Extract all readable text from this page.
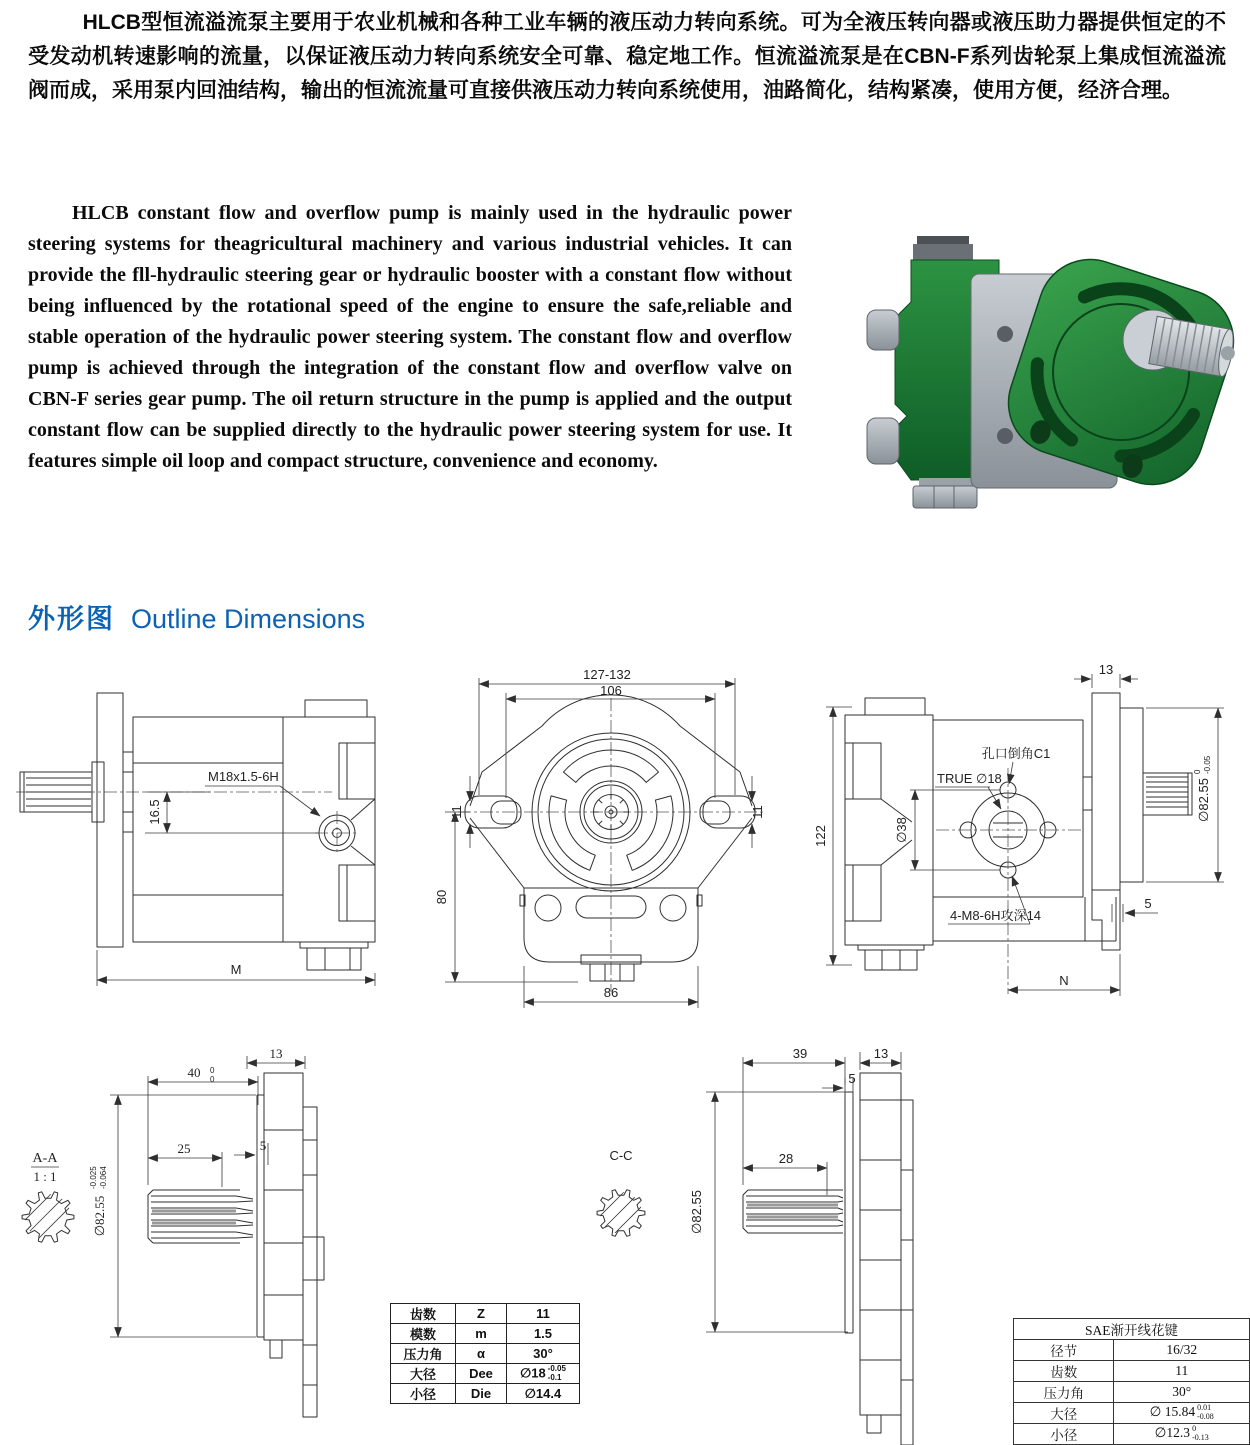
HLCB型恒流溢流泵主要用于农业机械和各种工业车辆的液压动力转向系统。可为全液压转向器或液压助力器提供恒定的不受发动机转速影响的流量，以保证液压动力转向系统安全可靠、稳定地工作。恒流溢流泵是在CBN-F系列齿轮泵上集成恒流溢流阀而成，采用泵内回油结构，输出的恒流流量可直接供液压动力转向系统使用，油路简化，结构紧凑，使用方便，经济合理。
HLCB constant flow and overflow pump is mainly used in the hydraulic power steering systems for theagricultural machinery and various industrial vehicles. It can provide the fll-hydraulic steering gear or hydraulic booster with a constant flow without being influenced by the rotational speed of the engine to ensure the safe,reliable and stable operation of the hydraulic power steering system. The constant flow and overflow pump is achieved through the integration of the constant flow and overflow valve on CBN-F series gear pump. The oil return structure in the pump is applied and the output constant flow can be supplied directly to the hydraulic power steering system for use. It features simple oil loop and compact structure, convenience and economy.
外形图 Outline Dimensions
16.5
M18x1.5-6H
M
127-132
106
11	11
80
86
孔口倒角C1
TRUE ∅18
∅38
4-M8-6H攻深14
122
13
∅82.55
0 -0.05
5
N
A-A
1 : 1
∅82.55
-0.025 -0.064
40 0
0
13
25	5
C-C
39	13
5
∅82.55
28
齿数	Z	11
模数	m	1.5
压力角	α	30°
大径	Dee	∅18 -0.05
-0.1

小径	Die	∅14.4
SAE渐开线花键	
径节	16/32
齿数	11
压力角	30°
大径	∅ 15.84 0.01
-0.08

小径	∅12.3 0
-0.13
